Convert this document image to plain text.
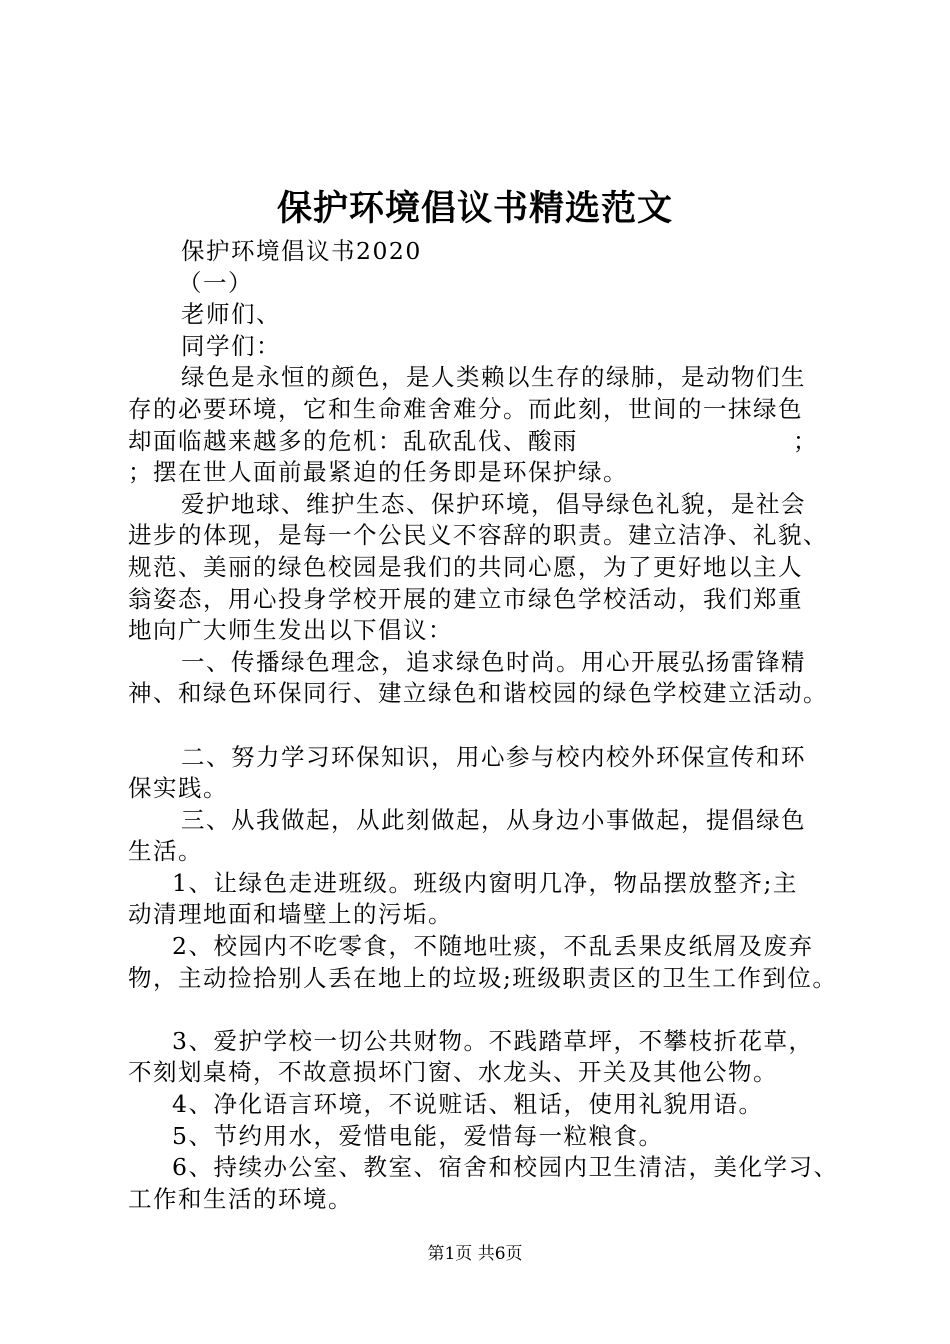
保护环境倡议书精选范文
保护环境倡议书2020
（一）
老师们、
同学们：
绿色是永恒的颜色，是人类赖以生存的绿肺，是动物们生
存的必要环境，它和生命难舍难分。而此刻，世间的一抹绿色
却面临越来越多的危机：乱砍乱伐、酸雨	；
；摆在世人面前最紧迫的任务即是环保护绿。
爱护地球、维护生态、保护环境，倡导绿色礼貌，是社会
进步的体现，是每一个公民义不容辞的职责。建立洁净、礼貌、
规范、美丽的绿色校园是我们的共同心愿，为了更好地以主人
翁姿态，用心投身学校开展的建立市绿色学校活动，我们郑重
地向广大师生发出以下倡议：
一、传播绿色理念，追求绿色时尚。用心开展弘扬雷锋精
神、和绿色环保同行、建立绿色和谐校园的绿色学校建立活动。
二、努力学习环保知识，用心参与校内校外环保宣传和环
保实践。
三、从我做起，从此刻做起，从身边小事做起，提倡绿色
生活。
1、让绿色走进班级。班级内窗明几净，物品摆放整齐;主
动清理地面和墙壁上的污垢。
2、校园内不吃零食，不随地吐痰，不乱丢果皮纸屑及废弃
物，主动捡拾别人丢在地上的垃圾;班级职责区的卫生工作到位。
3、爱护学校一切公共财物。不践踏草坪，不攀枝折花草，
不刻划桌椅，不故意损坏门窗、水龙头、开关及其他公物。
4、净化语言环境，不说赃话、粗话，使用礼貌用语。
5、节约用水，爱惜电能，爱惜每一粒粮食。
6、持续办公室、教室、宿舍和校园内卫生清洁，美化学习、
工作和生活的环境。
第1页 共6页
